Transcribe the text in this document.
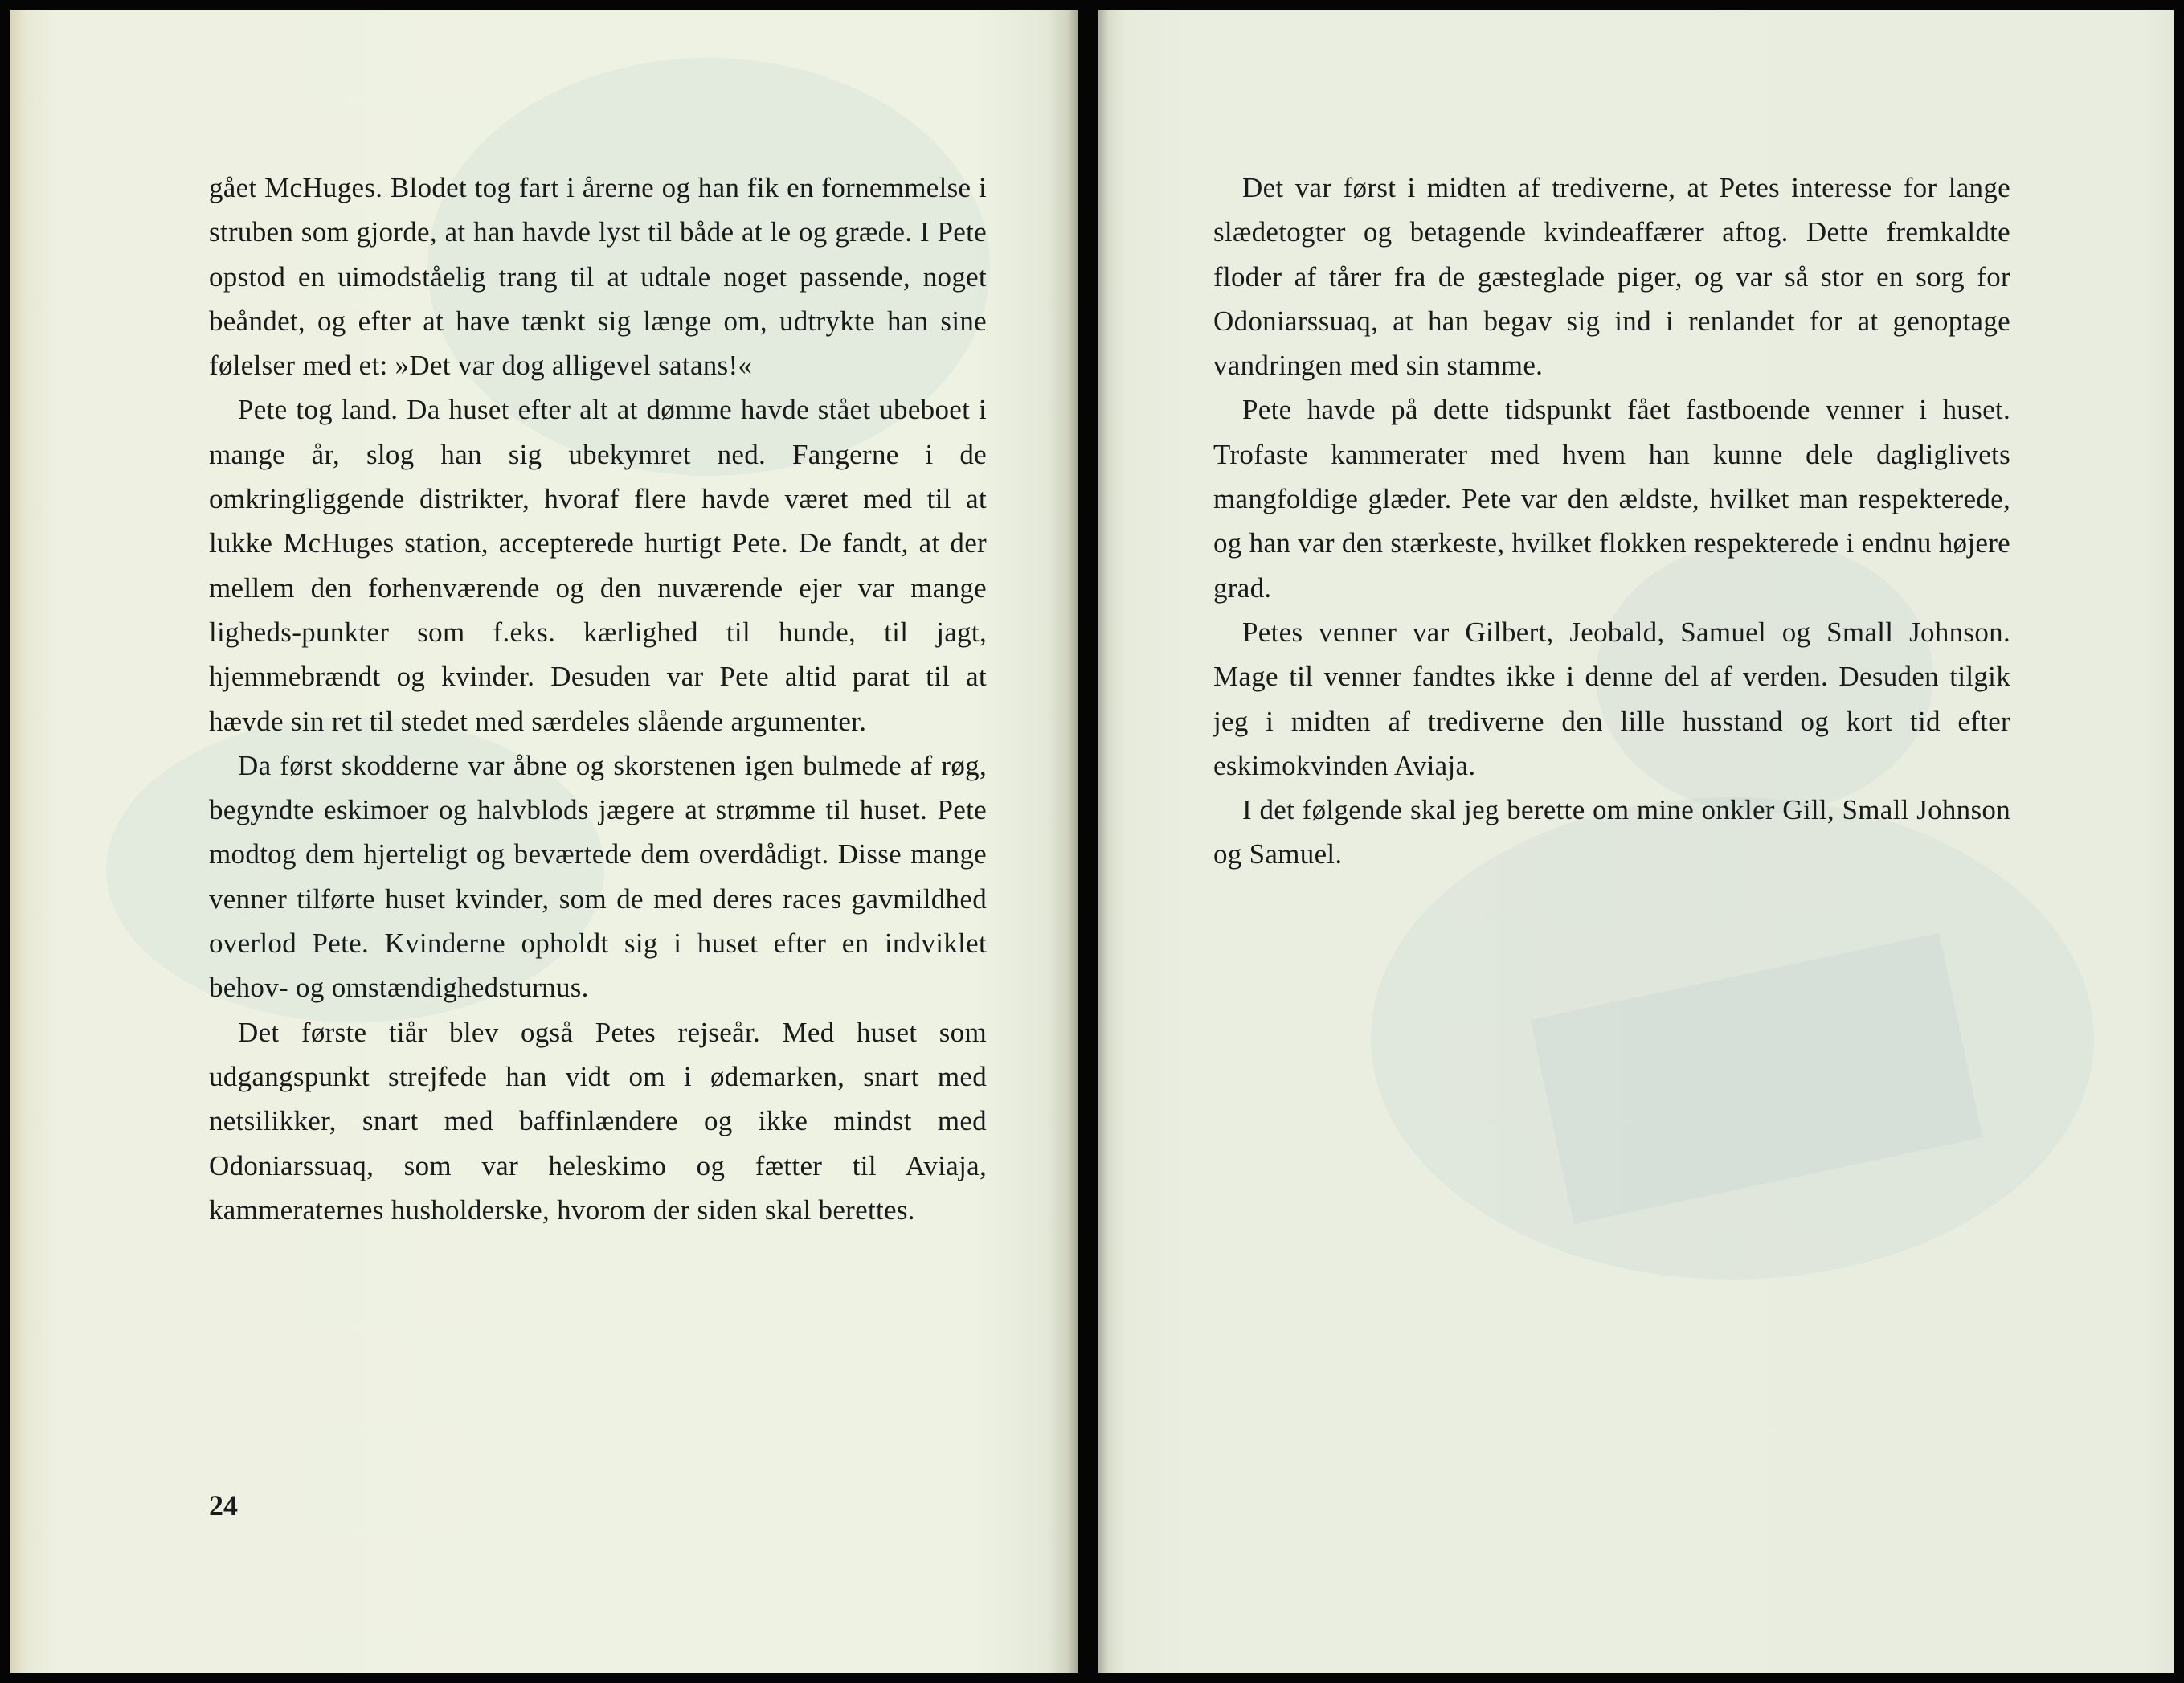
gået McHuges. Blodet tog fart i årerne og han fik en fornemmelse i struben som gjorde, at han havde lyst til både at le og græde. I Pete opstod en uimodståelig trang til at udtale noget passende, noget beåndet, og efter at have tænkt sig længe om, udtrykte han sine følelser med et: »Det var dog alligevel satans!«

Pete tog land. Da huset efter alt at dømme havde stået ubeboet i mange år, slog han sig ubekymret ned. Fangerne i de omkringliggende distrikter, hvoraf flere havde været med til at lukke McHuges station, accepterede hurtigt Pete. De fandt, at der mellem den forhenværende og den nuværende ejer var mange ligheds-punkter som f.eks. kærlighed til hunde, til jagt, hjemmebrændt og kvinder. Desuden var Pete altid parat til at hævde sin ret til stedet med særdeles slående argumenter.

Da først skodderne var åbne og skorstenen igen bulmede af røg, begyndte eskimoer og halvblods jægere at strømme til huset. Pete modtog dem hjerteligt og beværtede dem overdådigt. Disse mange venner tilførte huset kvinder, som de med deres races gavmildhed overlod Pete. Kvinderne opholdt sig i huset efter en indviklet behov- og omstændighedsturnus.

Det første tiår blev også Petes rejseår. Med huset som udgangspunkt strejfede han vidt om i ødemarken, snart med netsilikker, snart med baffinlændere og ikke mindst med Odoniarssuaq, som var heleskimo og fætter til Aviaja, kammeraternes husholderske, hvorom der siden skal berettes.

24

Det var først i midten af trediverne, at Petes interesse for lange slædetogter og betagende kvindeaffærer aftog. Dette fremkaldte floder af tårer fra de gæsteglade piger, og var så stor en sorg for Odoniarssuaq, at han begav sig ind i renlandet for at genoptage vandringen med sin stamme.

Pete havde på dette tidspunkt fået fastboende venner i huset. Trofaste kammerater med hvem han kunne dele dagliglivets mangfoldige glæder. Pete var den ældste, hvilket man respekterede, og han var den stærkeste, hvilket flokken respekterede i endnu højere grad.

Petes venner var Gilbert, Jeobald, Samuel og Small Johnson. Mage til venner fandtes ikke i denne del af verden. Desuden tilgik jeg i midten af trediverne den lille husstand og kort tid efter eskimokvinden Aviaja.

I det følgende skal jeg berette om mine onkler Gill, Small Johnson og Samuel.
